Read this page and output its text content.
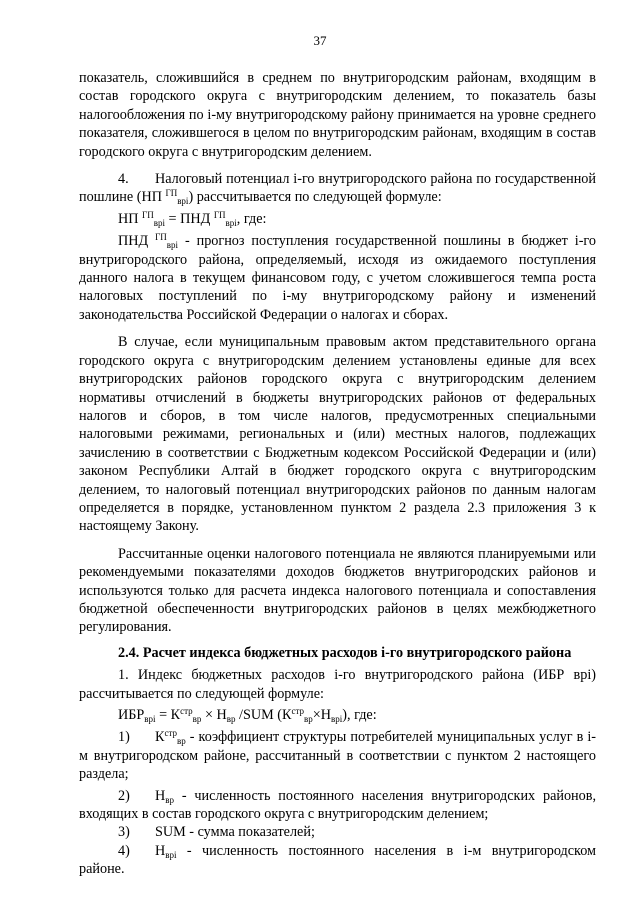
37

показатель, сложившийся в среднем по внутригородским районам, входящим в состав городского округа с внутригородским делением, то показатель базы налогообложения по i-му внутригородскому району принимается на уровне среднего показателя, сложившегося в целом по внутригородским районам, входящим в состав городского округа с внутригородским делением.

4. Налоговый потенциал i-го внутригородского района по государственной пошлине (НП $^{ГП}_{врi}$) рассчитывается по следующей формуле:

НП $^{ГП}_{врi}$ = ПНД $^{ГП}_{врi}$, где:

ПНД $^{ГП}_{врi}$ - прогноз поступления государственной пошлины в бюджет i-го внутригородского района, определяемый, исходя из ожидаемого поступления данного налога в текущем финансовом году, с учетом сложившегося темпа роста налоговых поступлений по i-му внутригородскому району и изменений законодательства Российской Федерации о налогах и сборах.

В случае, если муниципальным правовым актом представительного органа городского округа с внутригородским делением установлены единые для всех внутригородских районов городского округа с внутригородским делением нормативы отчислений в бюджеты внутригородских районов от федеральных налогов и сборов, в том числе налогов, предусмотренных специальными налоговыми режимами, региональных и (или) местных налогов, подлежащих зачислению в соответствии с Бюджетным кодексом Российской Федерации и (или) законом Республики Алтай в бюджет городского округа с внутригородским делением, то налоговый потенциал внутригородских районов по данным налогам определяется в порядке, установленном пунктом 2 раздела 2.3 приложения 3 к настоящему Закону.

Рассчитанные оценки налогового потенциала не являются планируемыми или рекомендуемыми показателями доходов бюджетов внутригородских районов и используются только для расчета индекса налогового потенциала и сопоставления бюджетной обеспеченности внутригородских районов в целях межбюджетного регулирования.

2.4. Расчет индекса бюджетных расходов i-го внутригородского района

1. Индекс бюджетных расходов i-го внутригородского района (ИБР врi) рассчитывается по следующей формуле:

$ИБР_{врi} = К^{стр}_{вр} \times Н_{вр}$ /SUM $(К^{стр}_{вр}\times Н_{врi})$, где:

1) $К^{стр}_{вр}$ - коэффициент структуры потребителей муниципальных услуг в i-м внутригородском районе, рассчитанный в соответствии с пунктом 2 настоящего раздела;

2) $Н_{вр}$ - численность постоянного населения внутригородских районов, входящих в состав городского округа с внутригородским делением;

3) SUM - сумма показателей;

4) $Н_{врi}$ - численность постоянного населения в i-м внутригородском районе.
